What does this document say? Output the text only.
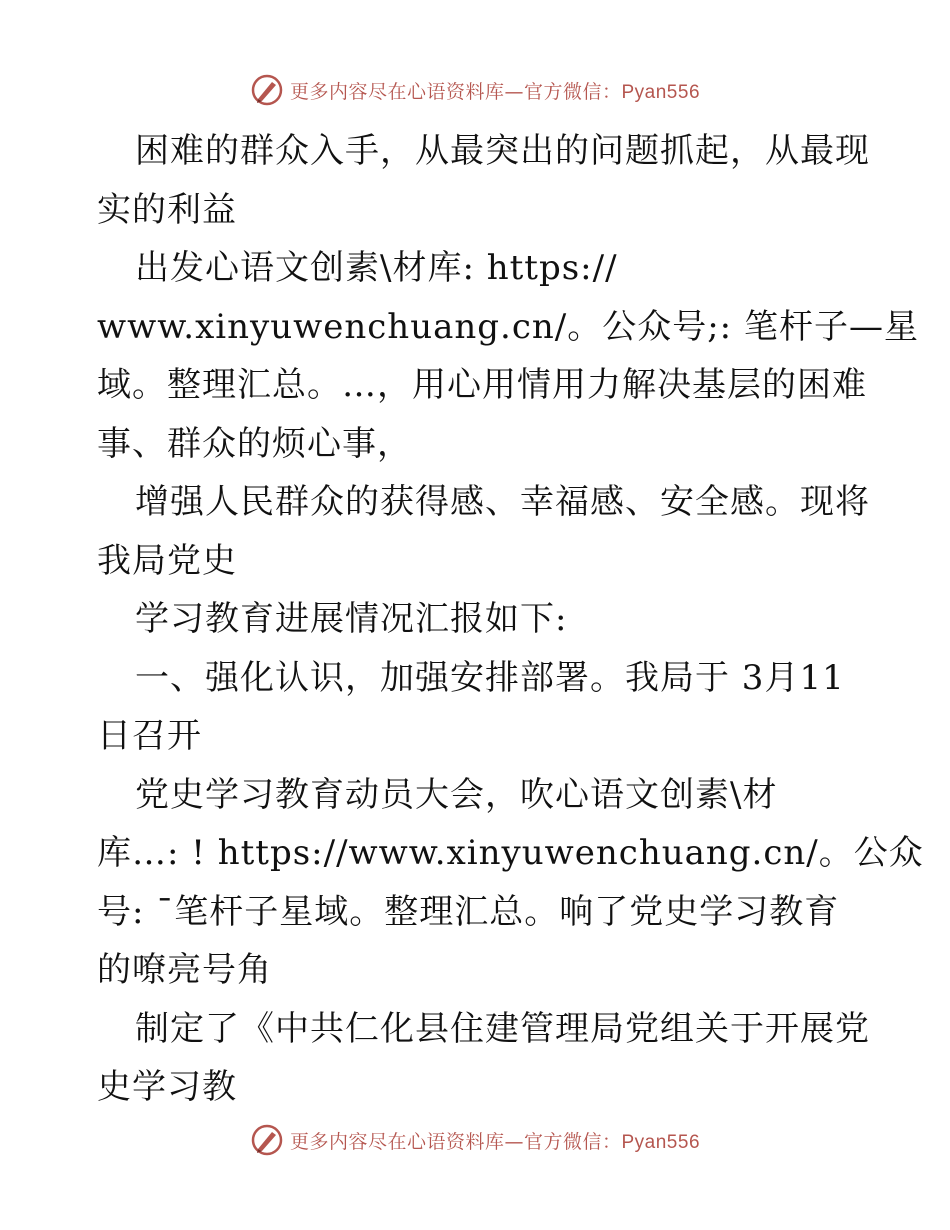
更多内容尽在心语资料库—官方微信：Pyan556
困难的群众入手，从最突出的问题抓起，从最现
实的利益
出发心语文创素\材库: https://
www.xinyuwenchuang.cn/。公众号;: 笔杆子—星
域。整理汇总。…，用心用情用力解决基层的困难
事、群众的烦心事，
增强人民群众的获得感、幸福感、安全感。现将
我局党史
学习教育进展情况汇报如下:
一、强化认识，加强安排部署。我局于 3月11
日召开
党史学习教育动员大会，吹心语文创素\材
库…: ! https://www.xinyuwenchuang.cn/。公众
号: ¯笔杆子星域。整理汇总。响了党史学习教育
的嘹亮号角
制定了《中共仁化县住建管理局党组关于开展党
史学习教
更多内容尽在心语资料库—官方微信：Pyan556
